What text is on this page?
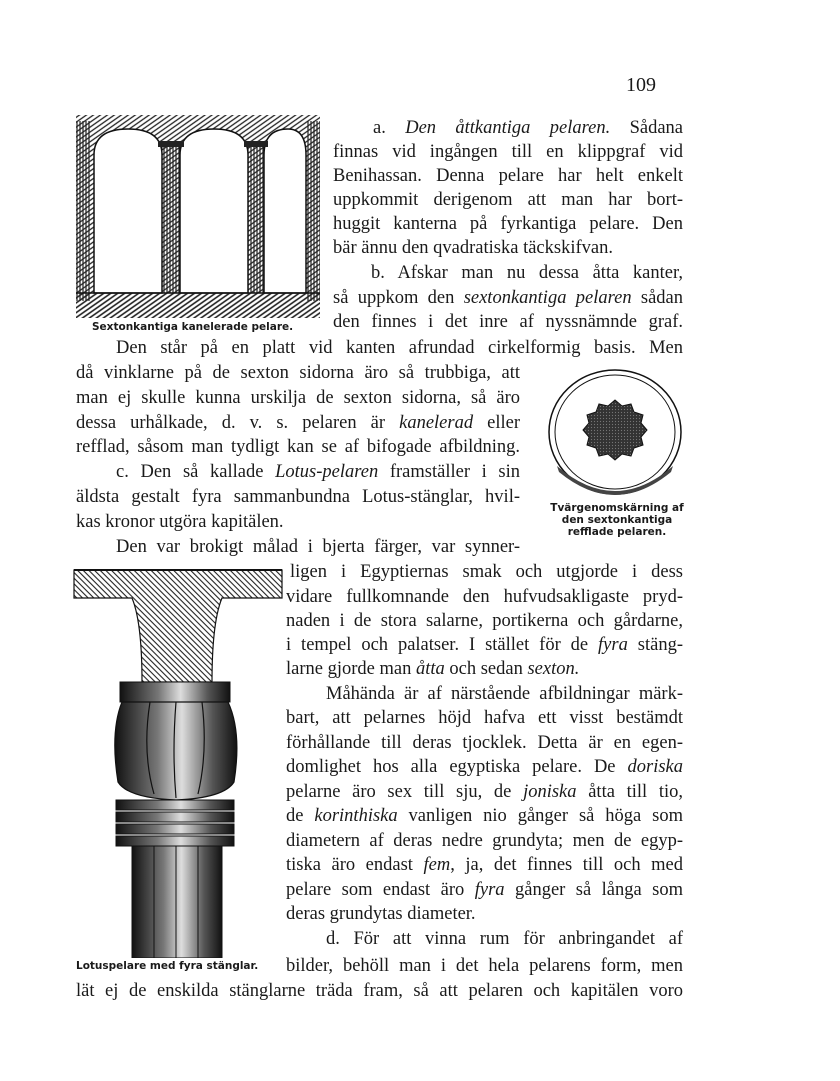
109
Sextonkantiga kanelerade pelare.
Tvärgenomskärning af
den sextonkantiga
refflade pelaren.
Lotuspelare med fyra stänglar.
a. Den åttkantiga pelaren. Sådana
finnas vid ingången till en klippgraf vid
Benihassan. Denna pelare har helt enkelt
uppkommit derigenom att man har bort-
huggit kanterna på fyrkantiga pelare. Den
bär ännu den qvadratiska täckskifvan.
b. Afskar man nu dessa åtta kanter,
så uppkom den sextonkantiga pelaren sådan
den finnes i det inre af nyssnämnde graf.
Den står på en platt vid kanten afrundad cirkelformig basis. Men
då vinklarne på de sexton sidorna äro så trubbiga, att
man ej skulle kunna urskilja de sexton sidorna, så äro
dessa urhålkade, d. v. s. pelaren är kanelerad eller
refflad, såsom man tydligt kan se af bifogade afbildning.
c. Den så kallade Lotus-pelaren framställer i sin
äldsta gestalt fyra sammanbundna Lotus-stänglar, hvil-
kas kronor utgöra kapitälen.
Den var brokigt målad i bjerta färger, var synner-
ligen i Egyptiernas smak och utgjorde i dess
vidare fullkomnande den hufvudsakligaste pryd-
naden i de stora salarne, portikerna och gårdarne,
i tempel och palatser. I stället för de fyra stäng-
larne gjorde man åtta och sedan sexton.
Måhända är af närstående afbildningar märk-
bart, att pelarnes höjd hafva ett visst bestämdt
förhållande till deras tjocklek. Detta är en egen-
domlighet hos alla egyptiska pelare. De doriska
pelarne äro sex till sju, de joniska åtta till tio,
de korinthiska vanligen nio gånger så höga som
diametern af deras nedre grundyta; men de egyp-
tiska äro endast fem, ja, det finnes till och med
pelare som endast äro fyra gånger så långa som
deras grundytas diameter.
d. För att vinna rum för anbringandet af
bilder, behöll man i det hela pelarens form, men
lät ej de enskilda stänglarne träda fram, så att pelaren och kapitälen voro
